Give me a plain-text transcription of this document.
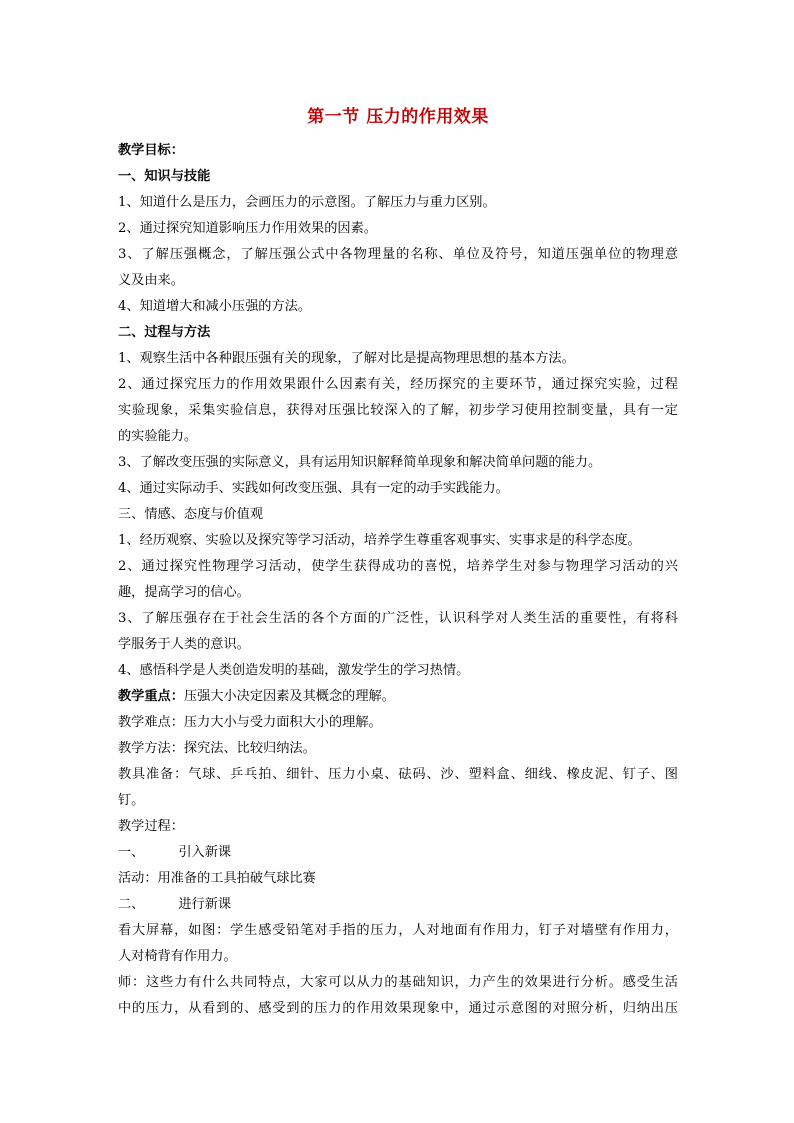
第一节 压力的作用效果
教学目标：
一、知识与技能
1、知道什么是压力，会画压力的示意图。了解压力与重力区别。
2、通过探究知道影响压力作用效果的因素。
3、了解压强概念，了解压强公式中各物理量的名称、单位及符号，知道压强单位的物理意
义及由来。
4、知道增大和减小压强的方法。
二、过程与方法
1、观察生活中各种跟压强有关的现象，了解对比是提高物理思想的基本方法。
2、通过探究压力的作用效果跟什么因素有关，经历探究的主要环节，通过探究实验，过程
实验现象，采集实验信息，获得对压强比较深入的了解，初步学习使用控制变量，具有一定
的实验能力。
3、了解改变压强的实际意义，具有运用知识解释简单现象和解决简单问题的能力。
4、通过实际动手、实践如何改变压强、具有一定的动手实践能力。
三、情感、态度与价值观
1、经历观察、实验以及探究等学习活动，培养学生尊重客观事实、实事求是的科学态度。
2、通过探究性物理学习活动，使学生获得成功的喜悦，培养学生对参与物理学习活动的兴
趣，提高学习的信心。
3、了解压强存在于社会生活的各个方面的广泛性，认识科学对人类生活的重要性，有将科
学服务于人类的意识。
4、感悟科学是人类创造发明的基础，激发学生的学习热情。
教学重点：压强大小决定因素及其概念的理解。
教学难点：压力大小与受力面积大小的理解。
教学方法：探究法、比较归纳法。
教具准备：气球、乒乓拍、细针、压力小桌、砝码、沙、塑料盒、细线、橡皮泥、钉子、图
钉。
教学过程：
一、	引入新课
活动：用准备的工具拍破气球比赛
二、	进行新课
看大屏幕，如图：学生感受铅笔对手指的压力，人对地面有作用力，钉子对墙壁有作用力，
人对椅背有作用力。
师：这些力有什么共同特点，大家可以从力的基础知识，力产生的效果进行分析。感受生活
中的压力，从看到的、感受到的压力的作用效果现象中，通过示意图的对照分析，归纳出压
